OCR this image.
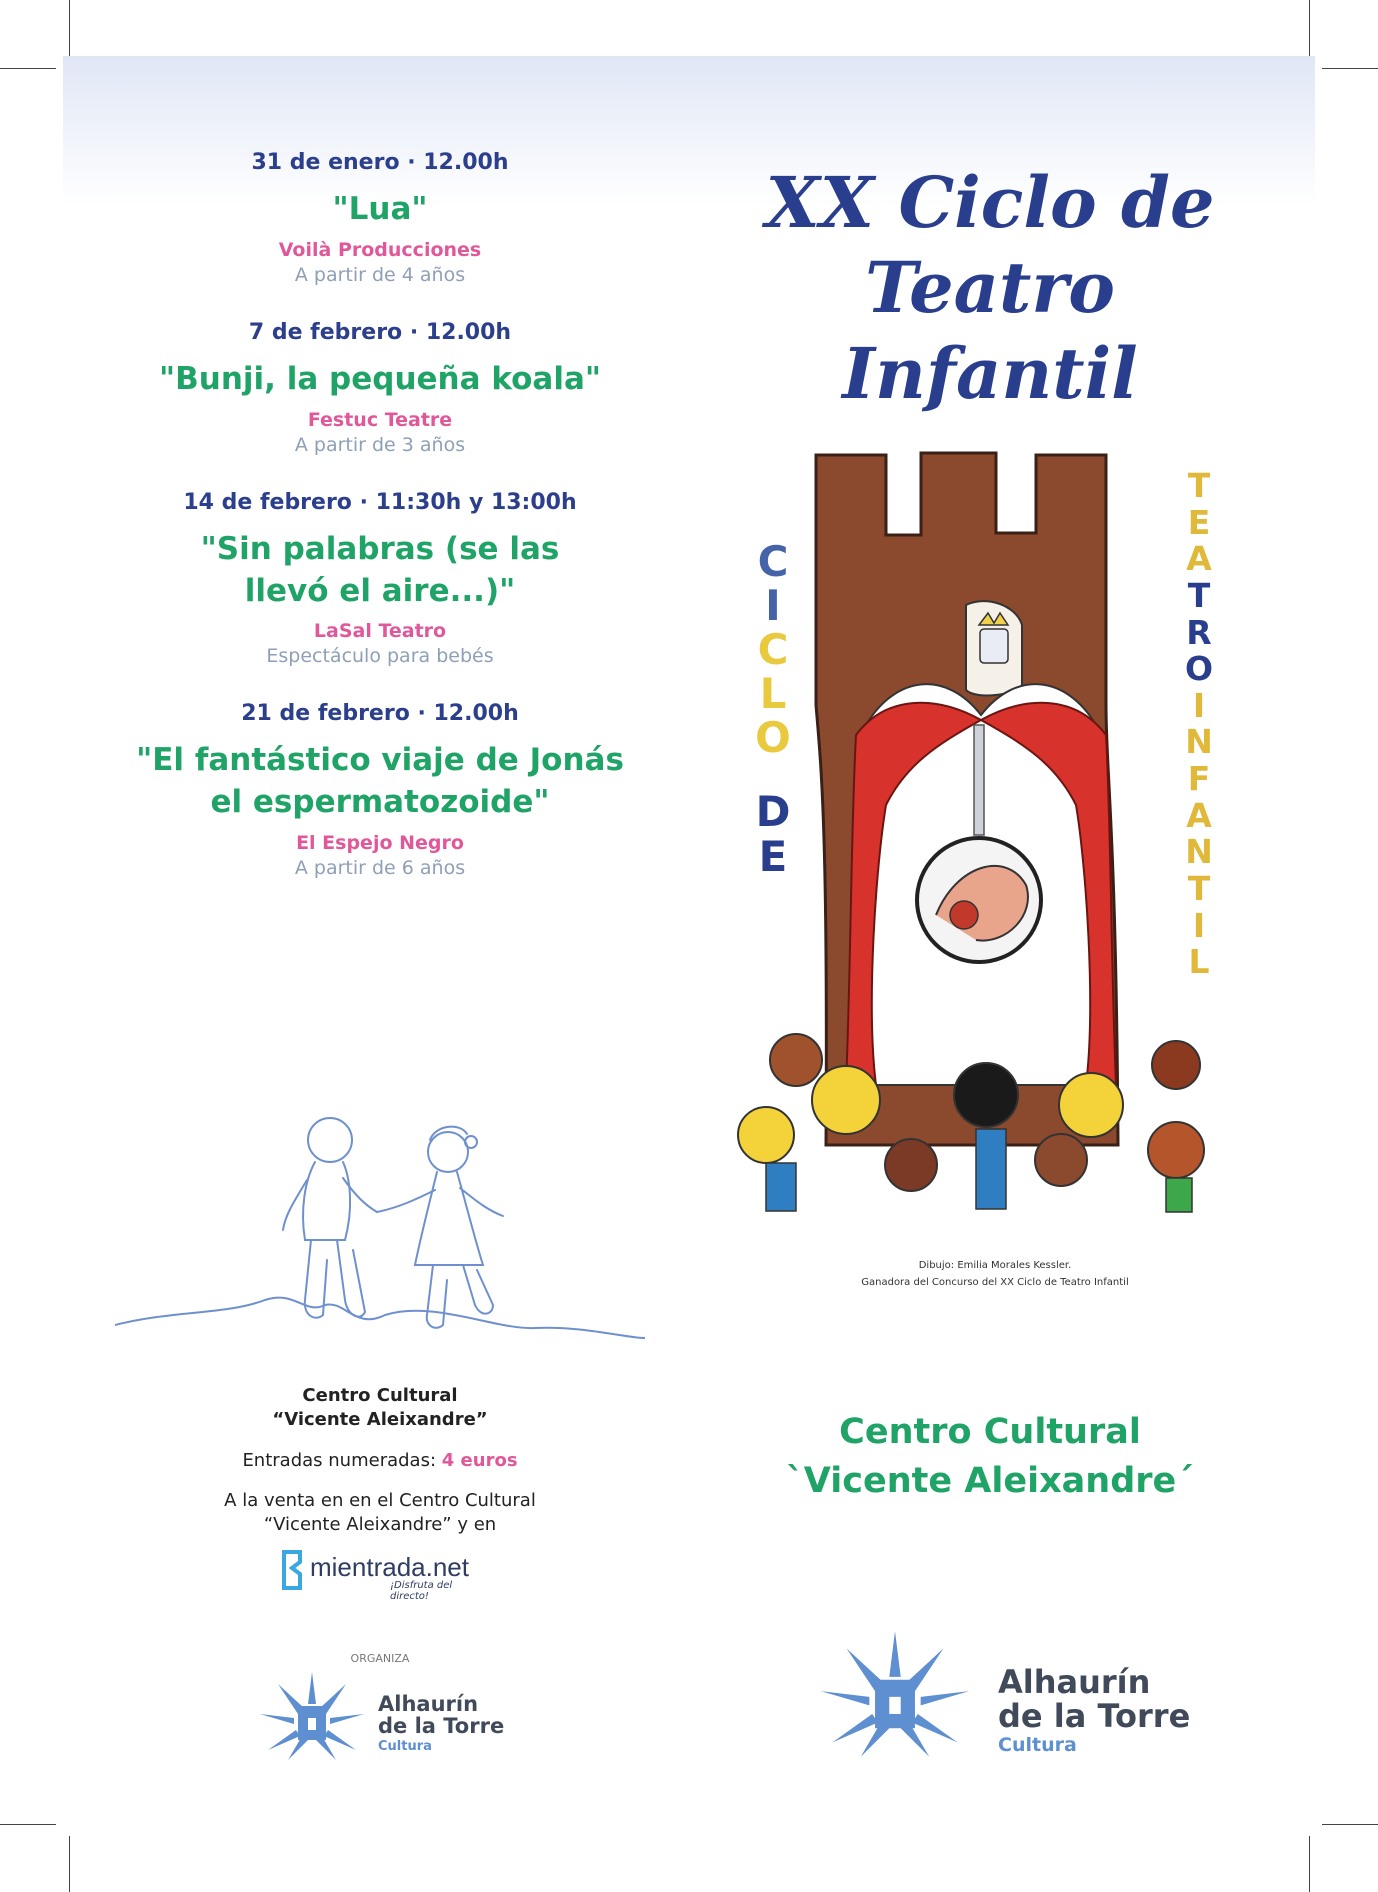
31 de enero · 12.00h
"Lua"
Voilà Producciones
A partir de 4 años
7 de febrero · 12.00h
"Bunji, la pequeña koala"
Festuc Teatre
A partir de 3 años
14 de febrero · 11:30h y 13:00h
"Sin palabras (se las llevó el aire...)"
LaSal Teatro
Espectáculo para bebés
21 de febrero · 12.00h
"El fantástico viaje de Jonás el espermatozoide"
El Espejo Negro
A partir de 6 años
Centro Cultural
“Vicente Aleixandre”
Entradas numeradas: 4 euros
A la venta en en el Centro Cultural “Vicente Aleixandre” y en
mientrada.net
¡Disfruta del directo!
ORGANIZA
Alhaurín
de la Torre
Cultura
XX Ciclo de
Teatro Infantil
C
I
C
L
O
D
E
T
E
A
T
R
O
I
N
F
A
N
T
I
L
Dibujo: Emilia Morales Kessler.
Ganadora del Concurso del XX Ciclo de Teatro Infantil
Centro Cultural
`Vicente Aleixandre´
Alhaurín
de la Torre
Cultura
